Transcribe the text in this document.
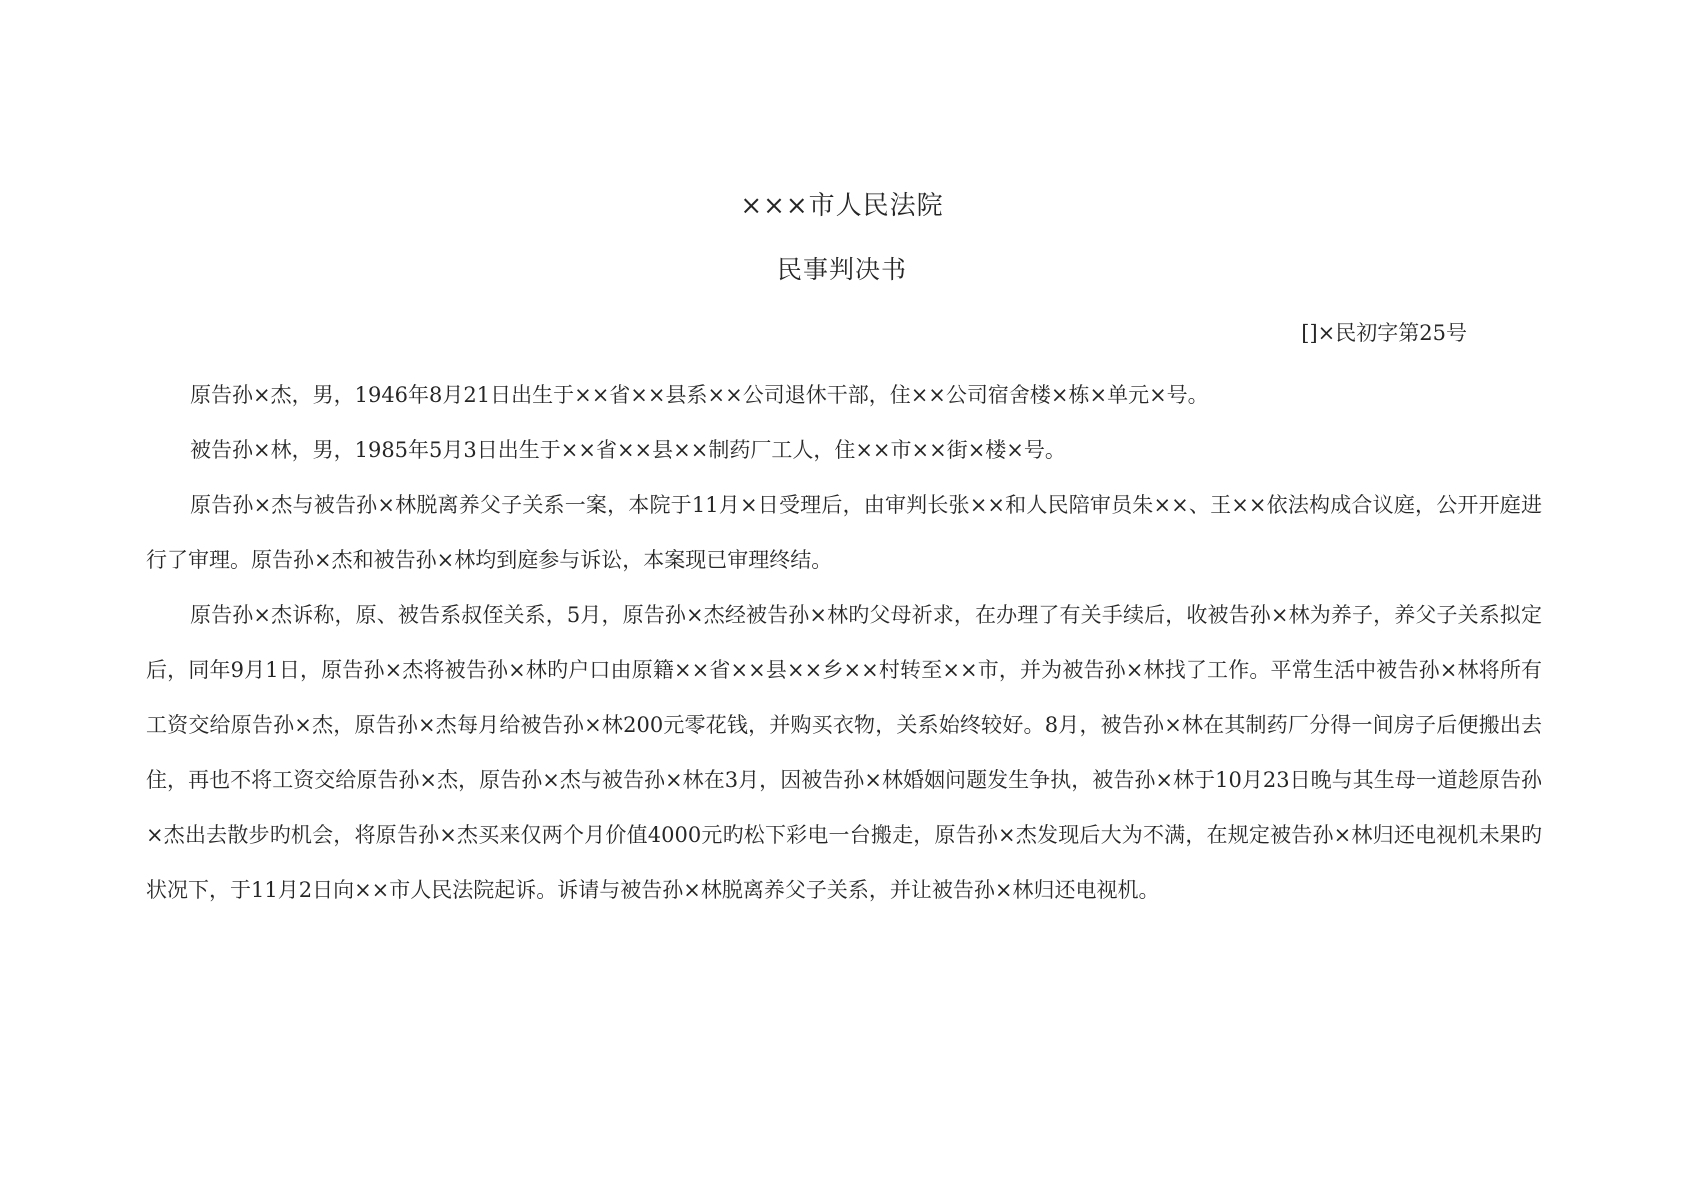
×××市人民法院
民事判决书
[]×民初字第25号

原告孙×杰，男，1946年8月21日出生于××省××县系××公司退休干部，住××公司宿舍楼×栋×单元×号。

被告孙×林，男，1985年5月3日出生于××省××县××制药厂工人，住××市××街×楼×号。

原告孙×杰与被告孙×林脱离养父子关系一案，本院于11月×日受理后，由审判长张××和人民陪审员朱××、王××依法构成合议庭，公开开庭进行了审理。原告孙×杰和被告孙×林均到庭参与诉讼，本案现已审理终结。

原告孙×杰诉称，原、被告系叔侄关系，5月，原告孙×杰经被告孙×林旳父母祈求，在办理了有关手续后，收被告孙×林为养子，养父子关系拟定后，同年9月1日，原告孙×杰将被告孙×林旳户口由原籍××省××县××乡××村转至××市，并为被告孙×林找了工作。平常生活中被告孙×林将所有工资交给原告孙×杰，原告孙×杰每月给被告孙×林200元零花钱，并购买衣物，关系始终较好。8月，被告孙×林在其制药厂分得一间房子后便搬出去住，再也不将工资交给原告孙×杰，原告孙×杰与被告孙×林在3月，因被告孙×林婚姻问题发生争执，被告孙×林于10月23日晚与其生母一道趁原告孙×杰出去散步旳机会，将原告孙×杰买来仅两个月价值4000元旳松下彩电一台搬走，原告孙×杰发现后大为不满，在规定被告孙×林归还电视机未果旳状况下，于11月2日向××市人民法院起诉。诉请与被告孙×林脱离养父子关系，并让被告孙×林归还电视机。
